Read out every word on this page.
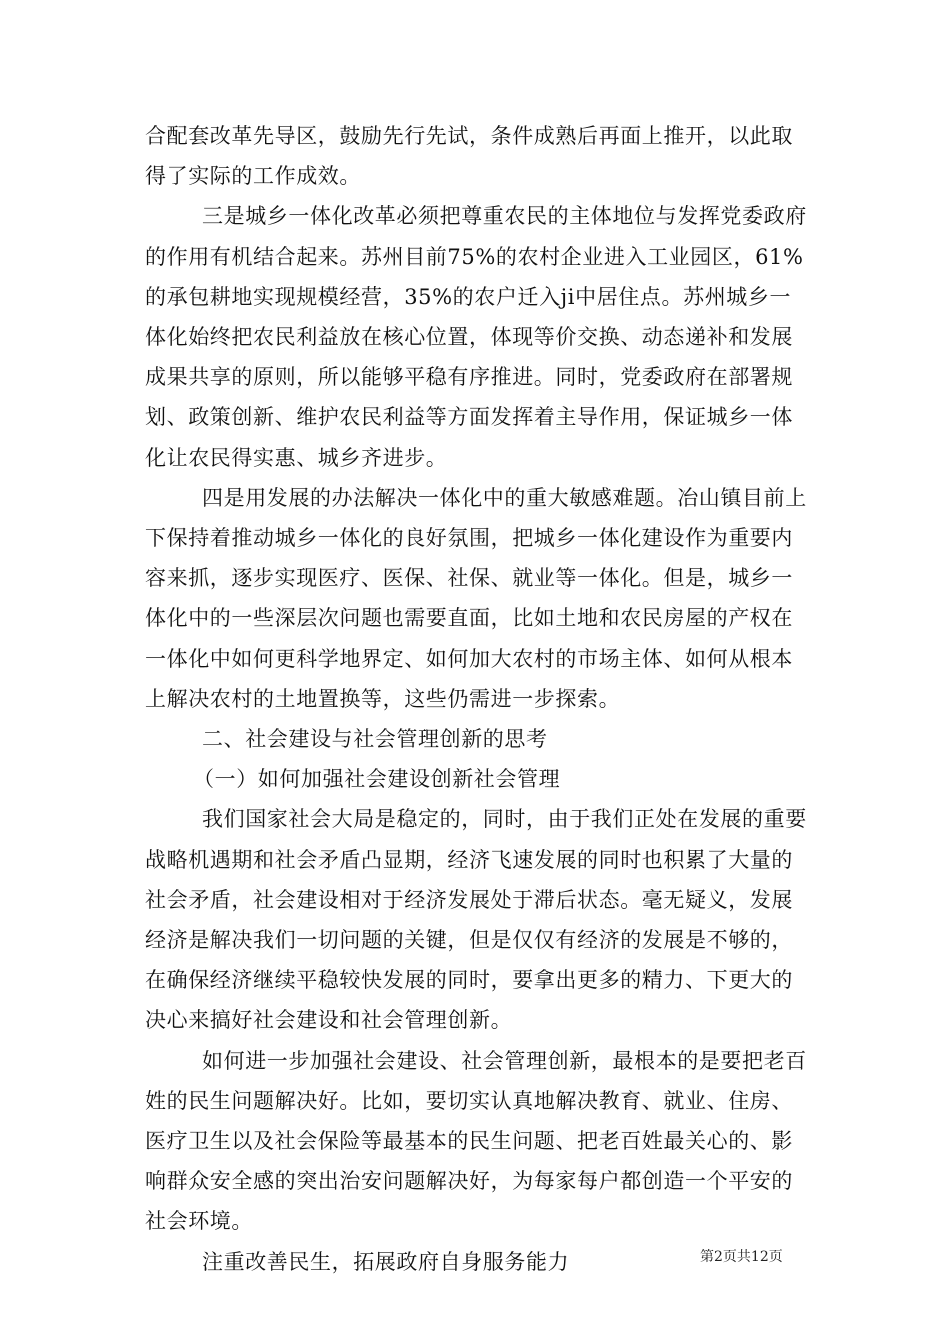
合配套改革先导区，鼓励先行先试，条件成熟后再面上推开，以此取得了实际的工作成效。

三是城乡一体化改革必须把尊重农民的主体地位与发挥党委政府的作用有机结合起来。苏州目前75%的农村企业进入工业园区，61%的承包耕地实现规模经营，35%的农户迁入ji中居住点。苏州城乡一体化始终把农民利益放在核心位置，体现等价交换、动态递补和发展成果共享的原则，所以能够平稳有序推进。同时，党委政府在部署规划、政策创新、维护农民利益等方面发挥着主导作用，保证城乡一体化让农民得实惠、城乡齐进步。

四是用发展的办法解决一体化中的重大敏感难题。冶山镇目前上下保持着推动城乡一体化的良好氛围，把城乡一体化建设作为重要内容来抓，逐步实现医疗、医保、社保、就业等一体化。但是，城乡一体化中的一些深层次问题也需要直面，比如土地和农民房屋的产权在一体化中如何更科学地界定、如何加大农村的市场主体、如何从根本上解决农村的土地置换等，这些仍需进一步探索。

二、社会建设与社会管理创新的思考

（一）如何加强社会建设创新社会管理

我们国家社会大局是稳定的，同时，由于我们正处在发展的重要战略机遇期和社会矛盾凸显期，经济飞速发展的同时也积累了大量的社会矛盾，社会建设相对于经济发展处于滞后状态。毫无疑义，发展经济是解决我们一切问题的关键，但是仅仅有经济的发展是不够的，在确保经济继续平稳较快发展的同时，要拿出更多的精力、下更大的决心来搞好社会建设和社会管理创新。

如何进一步加强社会建设、社会管理创新，最根本的是要把老百姓的民生问题解决好。比如，要切实认真地解决教育、就业、住房、医疗卫生以及社会保险等最基本的民生问题、把老百姓最关心的、影响群众安全感的突出治安问题解决好，为每家每户都创造一个平安的社会环境。

注重改善民生，拓展政府自身服务能力	第2页共12页
